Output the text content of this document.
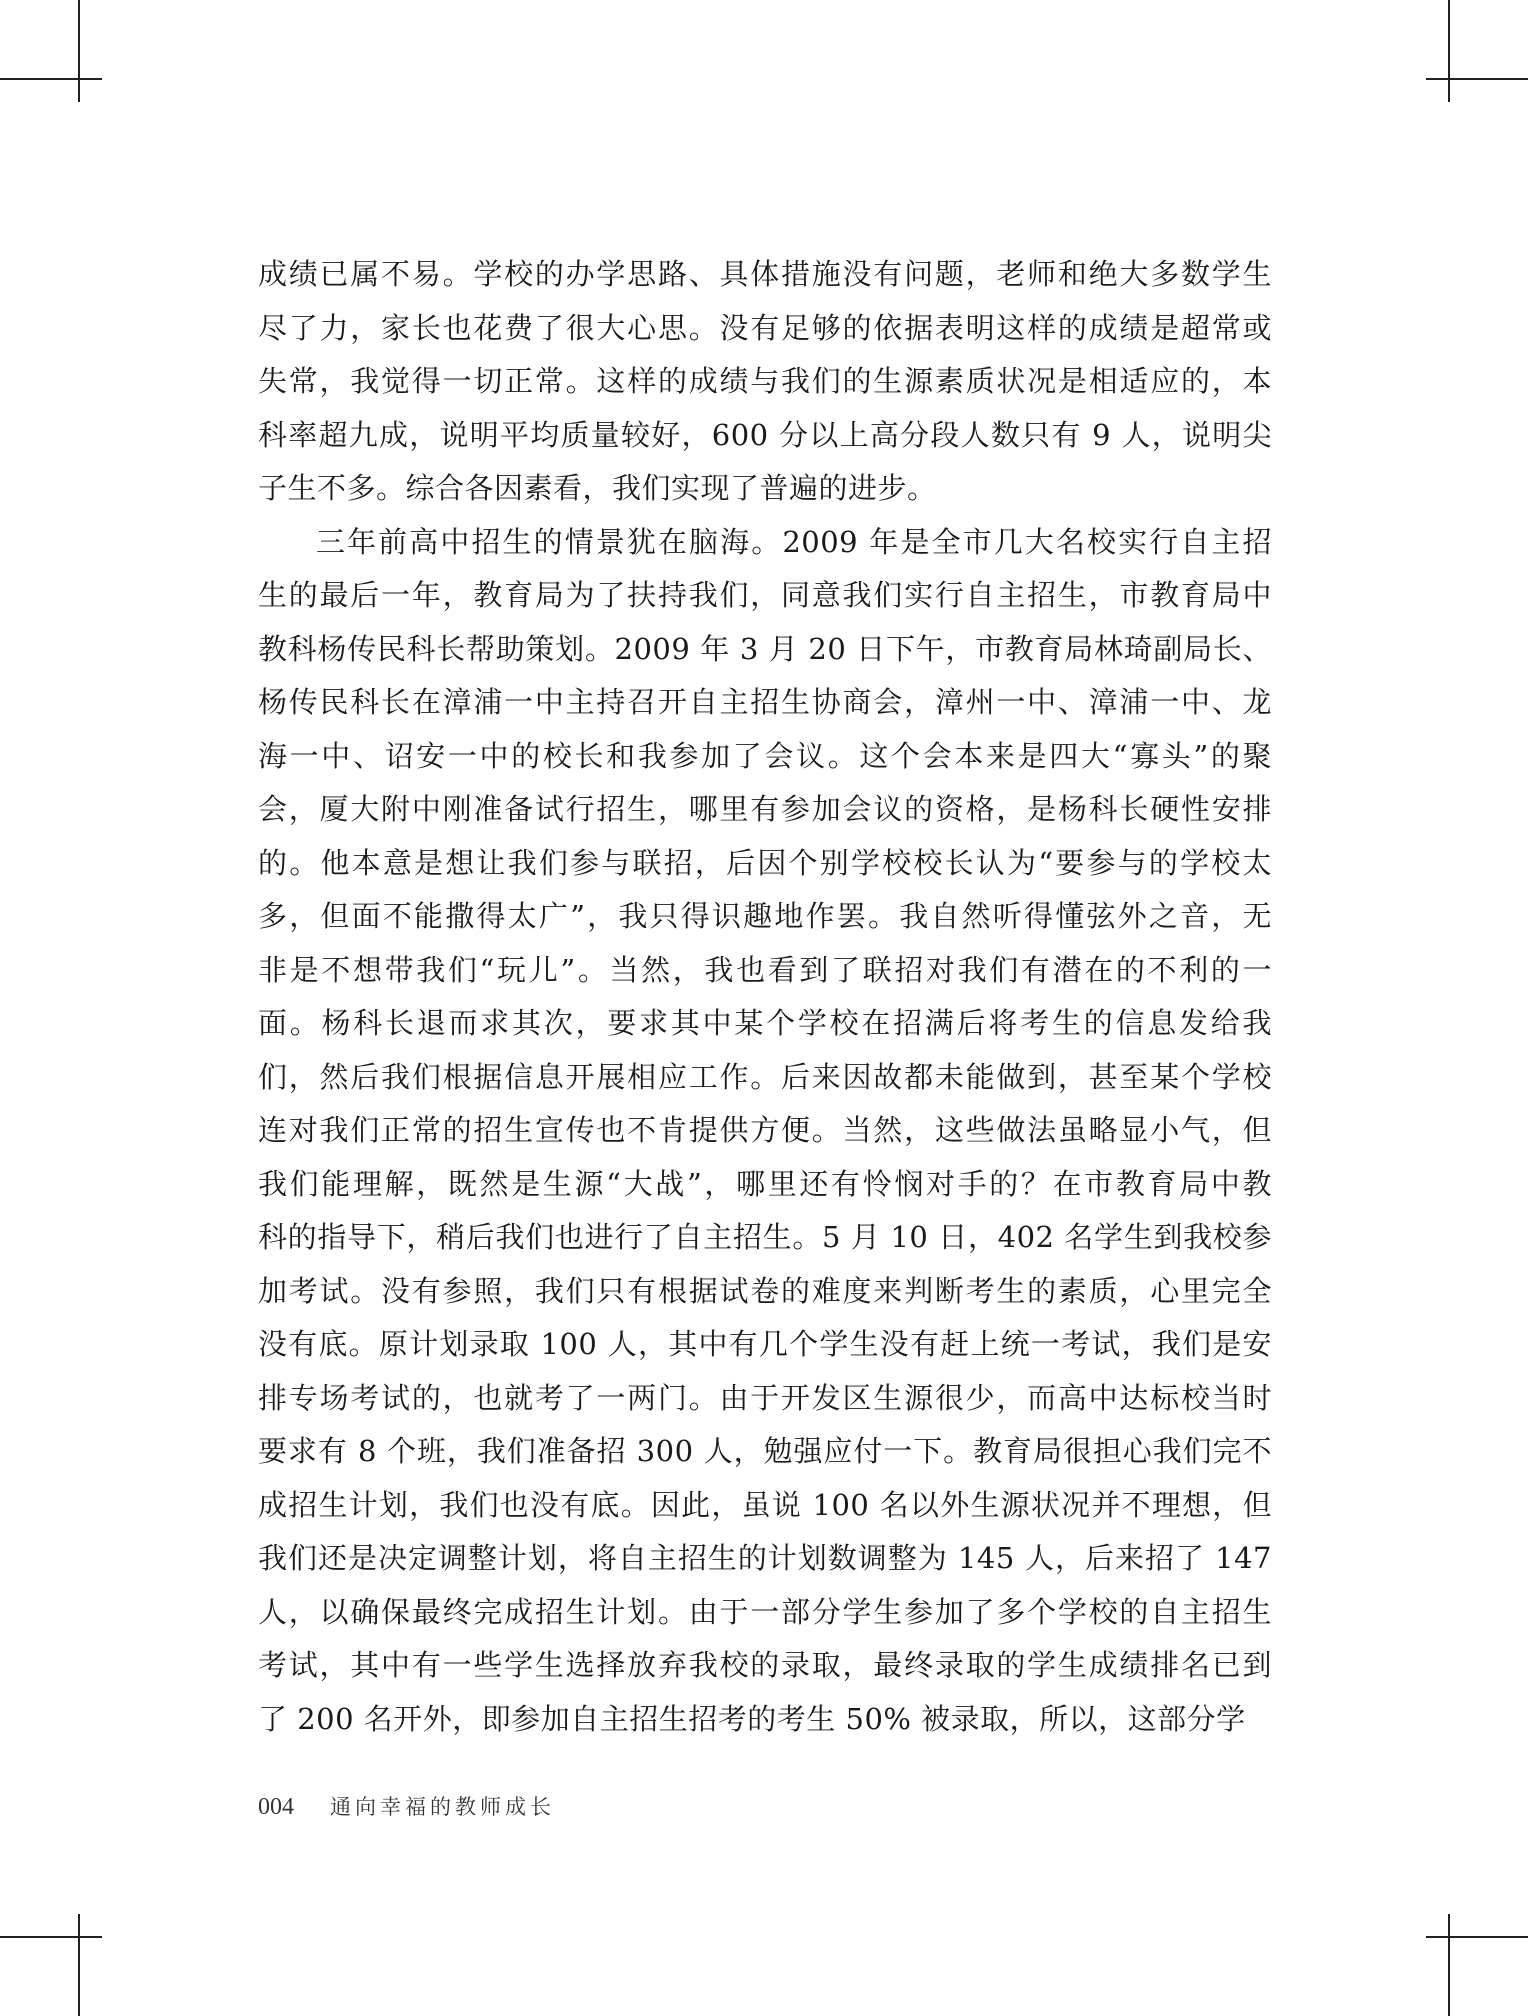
成绩已属不易。学校的办学思路、具体措施没有问题，老师和绝大多数学生
尽了力，家长也花费了很大心思。没有足够的依据表明这样的成绩是超常或
失常，我觉得一切正常。这样的成绩与我们的生源素质状况是相适应的，本
科率超九成，说明平均质量较好，600 分以上高分段人数只有 9 人，说明尖
子生不多。综合各因素看，我们实现了普遍的进步。
三年前高中招生的情景犹在脑海。2009 年是全市几大名校实行自主招
生的最后一年，教育局为了扶持我们，同意我们实行自主招生，市教育局中
教科杨传民科长帮助策划。2009 年 3 月 20 日下午，市教育局林琦副局长、
杨传民科长在漳浦一中主持召开自主招生协商会，漳州一中、漳浦一中、龙
海一中、诏安一中的校长和我参加了会议。这个会本来是四大“寡头”的聚
会，厦大附中刚准备试行招生，哪里有参加会议的资格，是杨科长硬性安排
的。他本意是想让我们参与联招，后因个别学校校长认为“要参与的学校太
多，但面不能撒得太广”，我只得识趣地作罢。我自然听得懂弦外之音，无
非是不想带我们“玩儿”。当然，我也看到了联招对我们有潜在的不利的一
面。杨科长退而求其次，要求其中某个学校在招满后将考生的信息发给我
们，然后我们根据信息开展相应工作。后来因故都未能做到，甚至某个学校
连对我们正常的招生宣传也不肯提供方便。当然，这些做法虽略显小气，但
我们能理解，既然是生源“大战”，哪里还有怜悯对手的？在市教育局中教
科的指导下，稍后我们也进行了自主招生。5 月 10 日，402 名学生到我校参
加考试。没有参照，我们只有根据试卷的难度来判断考生的素质，心里完全
没有底。原计划录取 100 人，其中有几个学生没有赶上统一考试，我们是安
排专场考试的，也就考了一两门。由于开发区生源很少，而高中达标校当时
要求有 8 个班，我们准备招 300 人，勉强应付一下。教育局很担心我们完不
成招生计划，我们也没有底。因此，虽说 100 名以外生源状况并不理想，但
我们还是决定调整计划，将自主招生的计划数调整为 145 人，后来招了 147
人，以确保最终完成招生计划。由于一部分学生参加了多个学校的自主招生
考试，其中有一些学生选择放弃我校的录取，最终录取的学生成绩排名已到
了 200 名开外，即参加自主招生招考的考生 50% 被录取，所以，这部分学
004 通向幸福的教师成长
